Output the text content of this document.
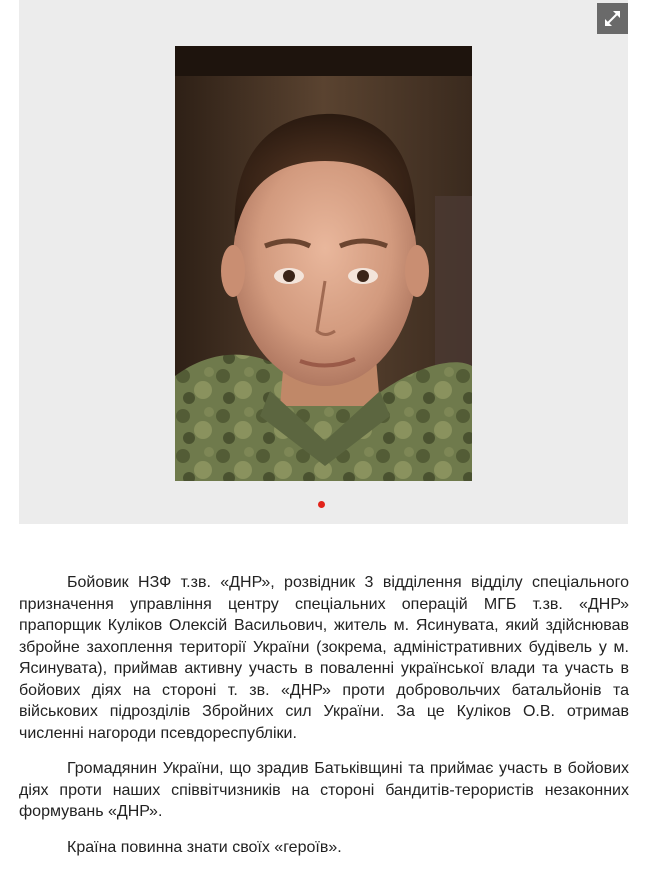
Бойовик НЗФ т.зв. «ДНР», розвідник 3 відділення відділу спеціального призначення управління центру спеціальних операцій МГБ т.зв. «ДНР» прапорщик Куліков Олексій Васильович, житель м. Ясинувата, який здійснював збройне захоплення території України (зокрема, адміністративних будівель у м. Ясинувата), приймав активну участь в поваленні української влади та участь в бойових діях на стороні т. зв. «ДНР» проти добровольчих батальйонів та військових підрозділів Збройних сил України. За це Куліков О.В. отримав численні нагороди псевдореспубліки.

Громадянин України, що зрадив Батьківщині та приймає участь в бойових діях проти наших співвітчизників на стороні бандитів-терористів незаконних формувань «ДНР».

Країна повинна знати своїх «героїв».
